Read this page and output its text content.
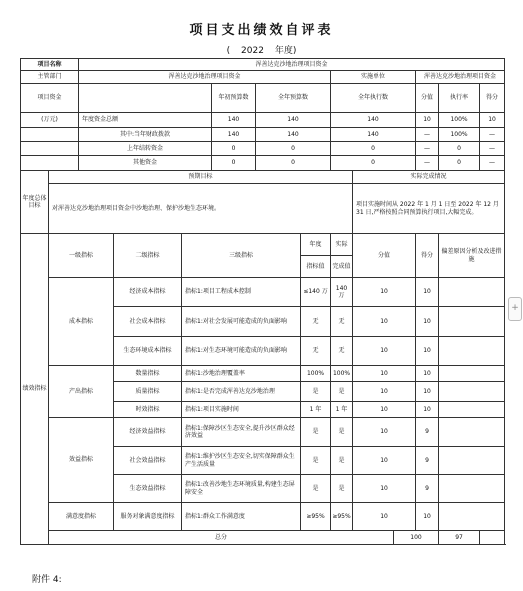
项目支出绩效自评表
( 2022 年度)
项目名称		浑善达克沙地治理项目资金											
主管部门		浑善达克沙地治理项目资金						实施单位			浑善达克沙地治理项目资金		
项目资金					年初预算数	全年预算数		全年执行数			分值	执行率	得分
(万元)		年度资金总额			140	140		140			10	100%	10
		其中:当年财政拨款			140	140		140			—	100%	—
		上年结转资金			0	0		0			—	0	—
		其他资金			0	0		0			—	0	—
年度总体目标	预期目标								实际完成情况				
	对浑善达克沙地治理项目资金中沙地治理、保护沙地生态环境。								项目实施时间从 2022 年 1 月 1 日至 2022 年 12 月 31 日,严格按照合同预算执行项目,大幅完成。				
绩效指标	一级指标		二级指标	三级指标			年度	实际	分值		得分	偏差原因分析及改进措施	
							指标值	完成值					
	成本指标		经济成本指标	指标1:项目工程成本控制			≤140 万	140 万	10		10		
			社会成本指标	指标1:对社会发展可能造成的负面影响			无	无	10		10		
			生态环境成本指标	指标1:对生态环境可能造成的负面影响			无	无	10		10		
	产出指标		数量指标	指标1:沙地治理覆盖率			100%	100%	10		10		
			质量指标	指标1:是否完成浑善达克沙地治理			是	是	10		10		
			时效指标	指标1:项目实施时间			1 年	1 年	10		10		
	效益指标		经济效益指标	指标1:保障沙区生态安全,提升沙区群众经济效益			是	是	10		9		
			社会效益指标	指标1:维护沙区生态安全,切实保障群众生产生活质量			是	是	10		9		
			生态效益指标	指标1:改善沙地生态环境质量,构建生态屏障安全			是	是	10		9		
	满意度指标		服务对象满意度指标	指标1:群众工作满意度			≥95%	≥95%	10		10		
	总分									100		97	
附件 4:
+
